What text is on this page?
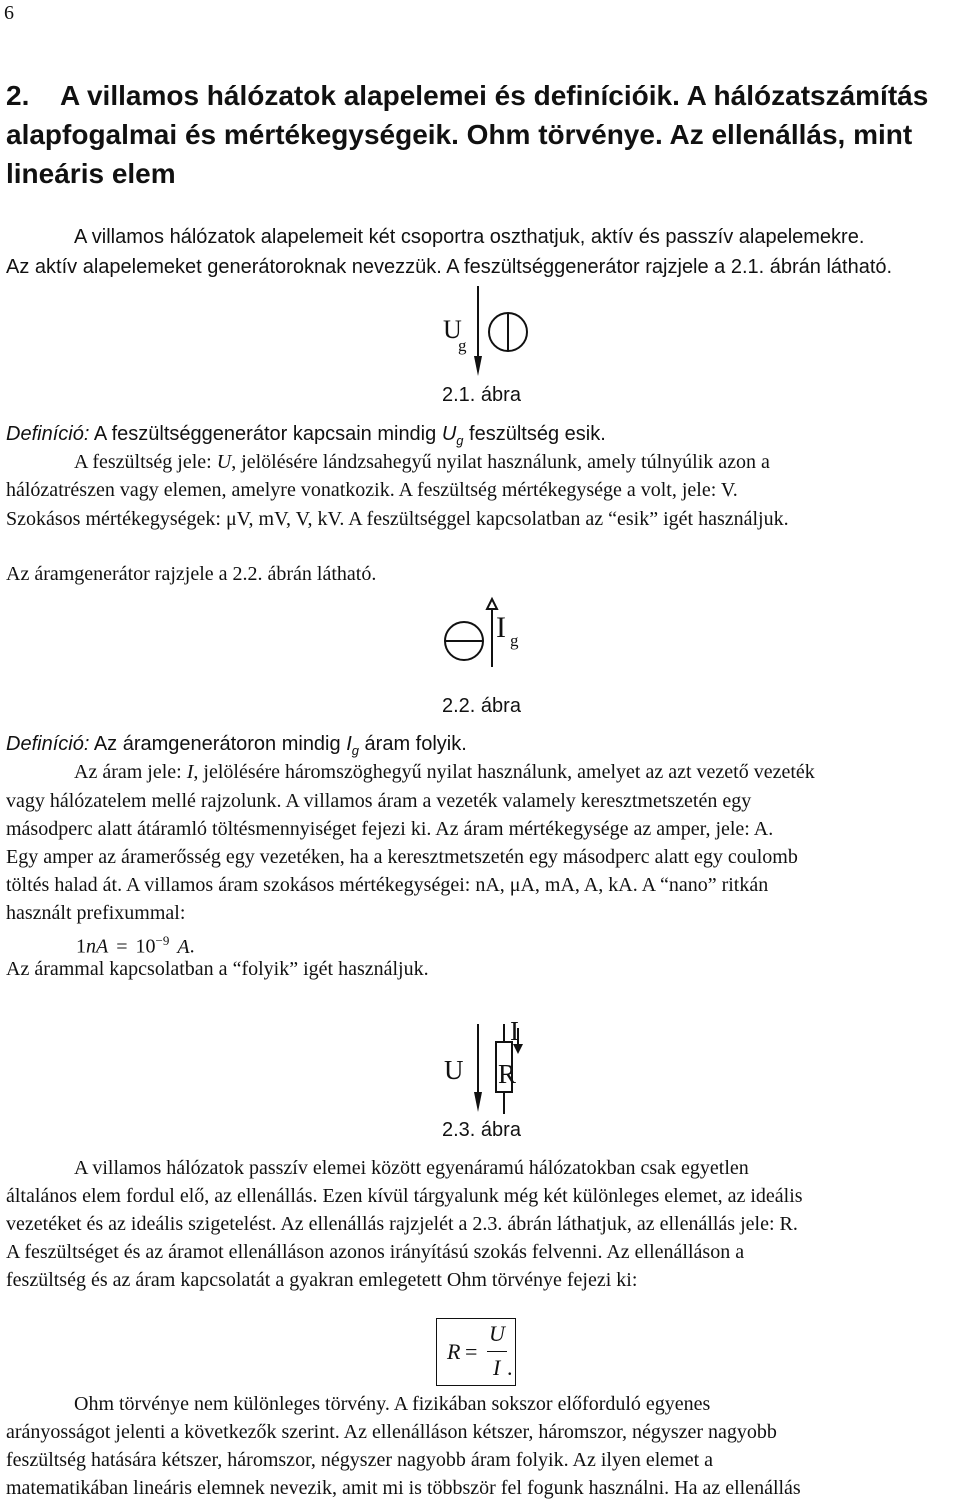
6
2. A villamos hálózatok alapelemei és definícióik. A hálózatszámítás
alapfogalmai és mértékegységeik. Ohm törvénye. Az ellenállás, mint
lineáris elem
A villamos hálózatok alapelemeit két csoportra oszthatjuk, aktív és passzív alapelemekre.
Az aktív alapelemeket generátoroknak nevezzük. A feszültséggenerátor rajzjele a 2.1. ábrán látható.
U
g
2.1. ábra
Definíció: A feszültséggenerátor kapcsain mindig $U_g$ feszültség esik.
A feszültség jele: U, jelölésére lándzsahegyű nyilat használunk, amely túlnyúlik azon a
hálózatrészen vagy elemen, amelyre vonatkozik. A feszültség mértékegysége a volt, jele: V.
Szokásos mértékegységek: μV, mV, V, kV. A feszültséggel kapcsolatban az “esik” igét használjuk.
Az áramgenerátor rajzjele a 2.2. ábrán látható.
I g
2.2. ábra
Definíció: Az áramgenerátoron mindig $I_g$ áram folyik.
Az áram jele: I, jelölésére háromszöghegyű nyilat használunk, amelyet az azt vezető vezeték
vagy hálózatelem mellé rajzolunk. A villamos áram a vezeték valamely keresztmetszetén egy
másodperc alatt átáramló töltésmennyiséget fejezi ki. Az áram mértékegysége az amper, jele: A.
Egy amper az áramerősség egy vezetéken, ha a keresztmetszetén egy másodperc alatt egy coulomb
töltés halad át. A villamos áram szokásos mértékegységei: nA, μA, mA, A, kA. A “nano” ritkán
használt prefixummal:
$1nA = 10^{-9}$ A.
Az árammal kapcsolatban a “folyik” igét használjuk.
U
I
R
2.3. ábra
A villamos hálózatok passzív elemei között egyenáramú hálózatokban csak egyetlen
általános elem fordul elő, az ellenállás. Ezen kívül tárgyalunk még két különleges elemet, az ideális
vezetéket és az ideális szigetelést. Az ellenállás rajzjelét a 2.3. ábrán láthatjuk, az ellenállás jele: R.
A feszültséget és az áramot ellenálláson azonos irányítású szokás felvenni. Az ellenálláson a
feszültség és az áram kapcsolatát a gyakran emlegetett Ohm törvénye fejezi ki:
R =
U
I .
Ohm törvénye nem különleges törvény. A fizikában sokszor előforduló egyenes
arányosságot jelenti a következők szerint. Az ellenálláson kétszer, háromszor, négyszer nagyobb
feszültség hatására kétszer, háromszor, négyszer nagyobb áram folyik. Az ilyen elemet a
matematikában lineáris elemnek nevezik, amit mi is többször fel fogunk használni. Ha az ellenállás
